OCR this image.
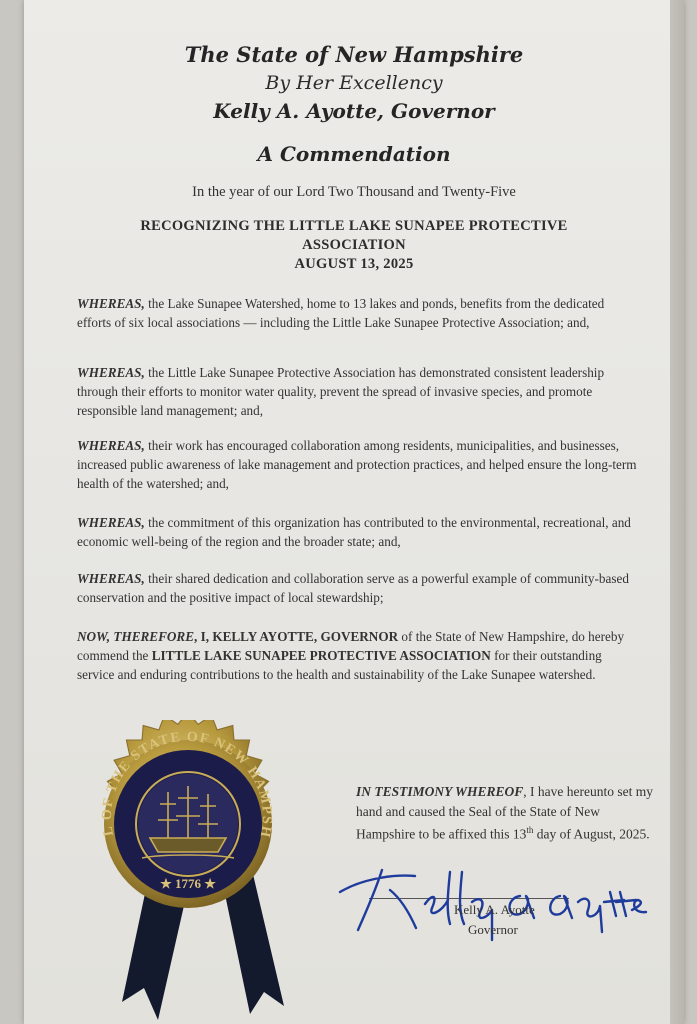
The State of New Hampshire
By Her Excellency
Kelly A. Ayotte, Governor
A Commendation
In the year of our Lord Two Thousand and Twenty-Five
RECOGNIZING THE LITTLE LAKE SUNAPEE PROTECTIVE
ASSOCIATION
AUGUST 13, 2025
WHEREAS, the Lake Sunapee Watershed, home to 13 lakes and ponds, benefits from the dedicated efforts of six local associations — including the Little Lake Sunapee Protective Association; and,
WHEREAS, the Little Lake Sunapee Protective Association has demonstrated consistent leadership through their efforts to monitor water quality, prevent the spread of invasive species, and promote responsible land management; and,
WHEREAS, their work has encouraged collaboration among residents, municipalities, and businesses, increased public awareness of lake management and protection practices, and helped ensure the long-term health of the watershed; and,
WHEREAS, the commitment of this organization has contributed to the environmental, recreational, and economic well-being of the region and the broader state; and,
WHEREAS, their shared dedication and collaboration serve as a powerful example of community-based conservation and the positive impact of local stewardship;
NOW, THEREFORE, I, KELLY AYOTTE, GOVERNOR of the State of New Hampshire, do hereby commend the LITTLE LAKE SUNAPEE PROTECTIVE ASSOCIATION for their outstanding service and enduring contributions to the health and sustainability of the Lake Sunapee watershed.
IN TESTIMONY WHEREOF, I have hereunto set my hand and caused the Seal of the State of New Hampshire to be affixed this 13th day of August, 2025.
Kelly A. Ayotte
Governor
L OF THE STATE OF NEW HAMPSH
★ 1776 ★
